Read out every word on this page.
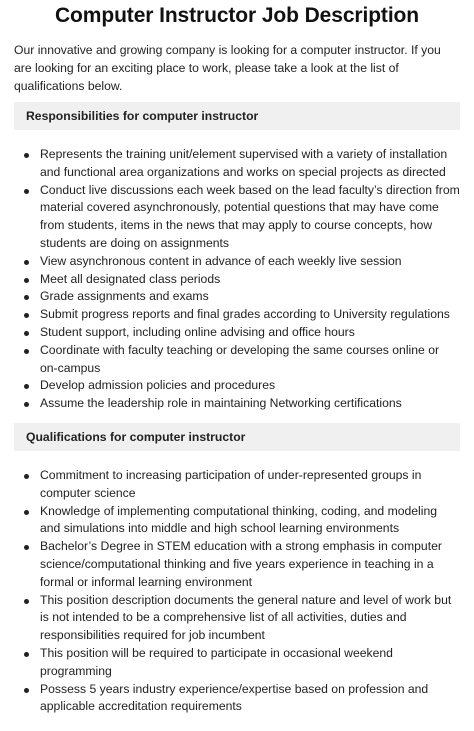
Computer Instructor Job Description

Our innovative and growing company is looking for a computer instructor. If you are looking for an exciting place to work, please take a look at the list of qualifications below.

Responsibilities for computer instructor
Represents the training unit/element supervised with a variety of installation and functional area organizations and works on special projects as directed
Conduct live discussions each week based on the lead faculty’s direction from material covered asynchronously, potential questions that may have come from students, items in the news that may apply to course concepts, how students are doing on assignments
View asynchronous content in advance of each weekly live session
Meet all designated class periods
Grade assignments and exams
Submit progress reports and final grades according to University regulations
Student support, including online advising and office hours
Coordinate with faculty teaching or developing the same courses online or on-campus
Develop admission policies and procedures
Assume the leadership role in maintaining Networking certifications
Qualifications for computer instructor
Commitment to increasing participation of under-represented groups in computer science
Knowledge of implementing computational thinking, coding, and modeling and simulations into middle and high school learning environments
Bachelor’s Degree in STEM education with a strong emphasis in computer science/computational thinking and five years experience in teaching in a formal or informal learning environment
This position description documents the general nature and level of work but is not intended to be a comprehensive list of all activities, duties and responsibilities required for job incumbent
This position will be required to participate in occasional weekend programming
Possess 5 years industry experience/expertise based on profession and applicable accreditation requirements
